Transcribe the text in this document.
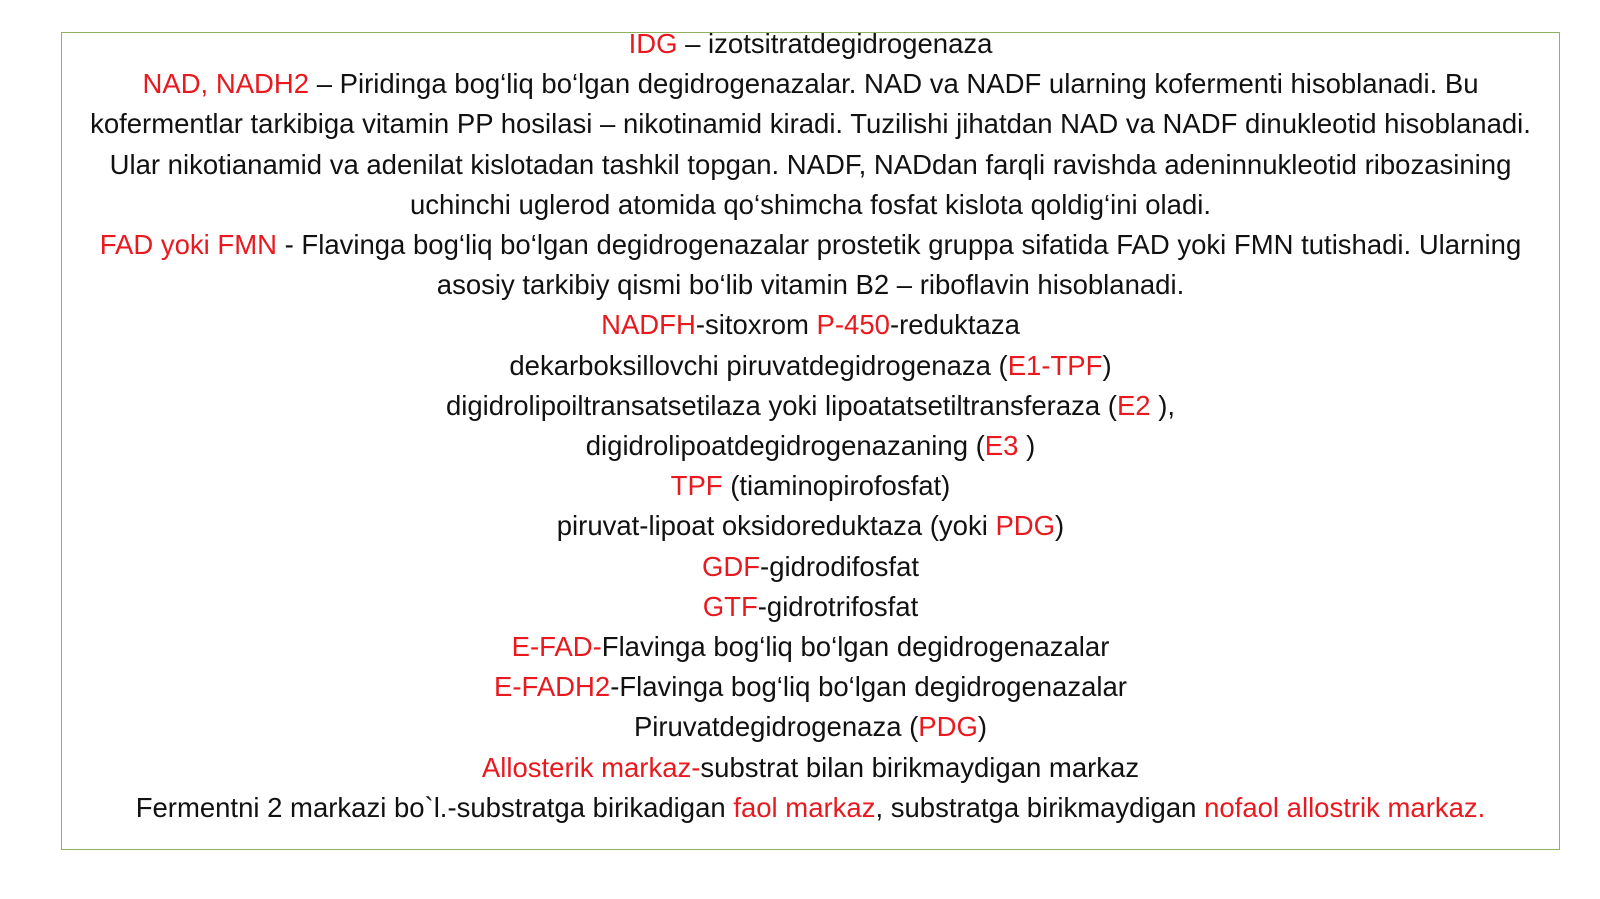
IDG – izotsitratdegidrogenaza

NAD, NADH2 – Piridinga bog‘liq bo‘lgan degidrogenazalar. NAD va NADF ularning kofermenti hisoblanadi. Bu kofermentlar tarkibiga vitamin PP hosilasi – nikotinamid kiradi. Tuzilishi jihatdan NAD va NADF dinukleotid hisoblanadi. Ular nikotianamid va adenilat kislotadan tashkil topgan. NADF, NADdan farqli ravishda adeninnukleotid ribozasining uchinchi uglerod atomida qo‘shimcha fosfat kislota qoldig‘ini oladi.

FAD yoki FMN - Flavinga bog‘liq bo‘lgan degidrogenazalar prostetik gruppa sifatida FAD yoki FMN tutishadi. Ularning asosiy tarkibiy qismi bo‘lib vitamin B2 – riboflavin hisoblanadi.

NADFH-sitoxrom P-450-reduktaza

dekarboksillovchi piruvatdegidrogenaza (E1-TPF)

digidrolipoiltransatsetilaza yoki lipoatatsetiltransferaza (E2 ),

digidrolipoatdegidrogenazaning (E3 )

TPF (tiaminopirofosfat)

piruvat-lipoat oksidoreduktaza (yoki PDG)

GDF-gidrodifosfat

GTF-gidrotrifosfat

E-FAD-Flavinga bog‘liq bo‘lgan degidrogenazalar

E-FADH2-Flavinga bog‘liq bo‘lgan degidrogenazalar

Piruvatdegidrogenaza (PDG)

Allosterik markaz-substrat bilan birikmaydigan markaz

Fermentni 2 markazi bo`l.-substratga birikadigan faol markaz, substratga birikmaydigan nofaol allostrik markaz.
